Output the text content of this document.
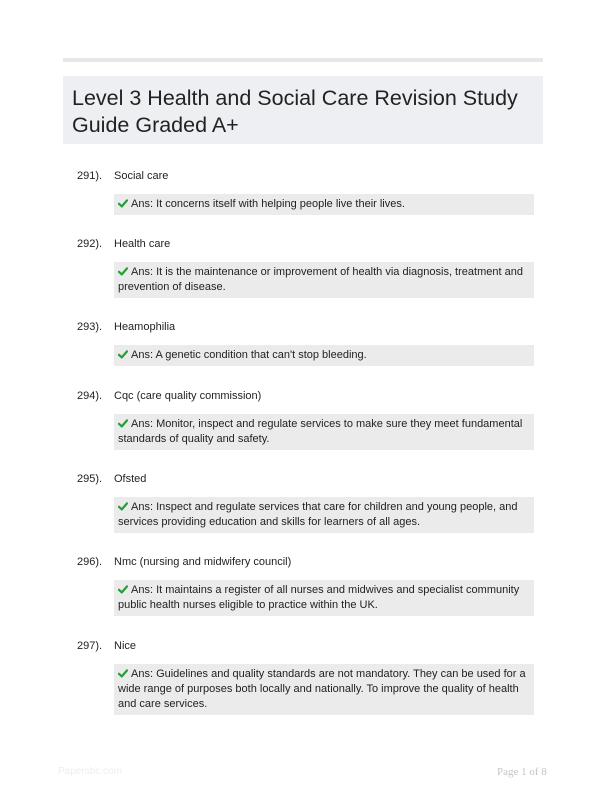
Level 3 Health and Social Care Revision Study Guide Graded A+
291). Social care
Ans: It concerns itself with helping people live their lives.
292). Health care
Ans: It is the maintenance or improvement of health via diagnosis, treatment and prevention of disease.
293). Heamophilia
Ans: A genetic condition that can't stop bleeding.
294). Cqc (care quality commission)
Ans: Monitor, inspect and regulate services to make sure they meet fundamental standards of quality and safety.
295). Ofsted
Ans: Inspect and regulate services that care for children and young people, and services providing education and skills for learners of all ages.
296). Nmc (nursing and midwifery council)
Ans: It maintains a register of all nurses and midwives and specialist community public health nurses eligible to practice within the UK.
297). Nice
Ans: Guidelines and quality standards are not mandatory. They can be used for a wide range of purposes both locally and nationally. To improve the quality of health and care services.
Papersbc.com	Page 1 of 8
